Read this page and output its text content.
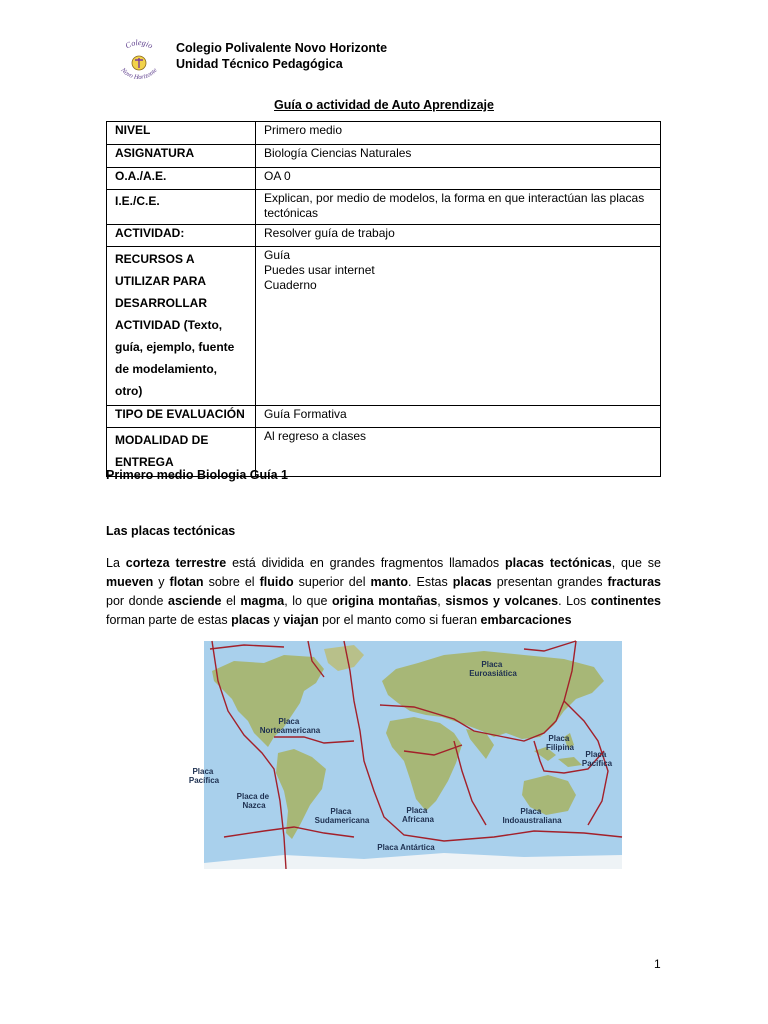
Colegio
Novo Horizonte
Colegio Polivalente Novo Horizonte
Unidad Técnico Pedagógica
Guía o actividad de Auto Aprendizaje
NIVEL	Primero medio

ASIGNATURA	Biología Ciencias Naturales

O.A./A.E.	OA 0

I.E./C.E.	Explican, por medio de modelos, la forma en que interactúan las placas tectónicas

ACTIVIDAD:	Resolver guía de trabajo

RECURSOS A UTILIZAR PARA DESARROLLAR ACTIVIDAD (Texto, guía, ejemplo, fuente de modelamiento, otro)	Guía
Puedes usar internet
Cuaderno

TIPO DE EVALUACIÓN	Guía Formativa

MODALIDAD DE ENTREGA	Al regreso a clases
Primero medio Biologia Guía 1
Las placas tectónicas
La corteza terrestre está dividida en grandes fragmentos llamados placas tectónicas, que se mueven y flotan sobre el fluido superior del manto. Estas placas presentan grandes fracturas por donde asciende el magma, lo que origina montañas, sismos y volcanes. Los continentes forman parte de estas placas y viajan por el manto como si fueran embarcaciones
Placa Euroasiática
Placa Norteamericana
Placa Filipina
Placa Pacifica
Placa Pacífica
Placa de Nazca
Placa Sudamericana
Placa Africana
Placa Indoaustraliana
Placa Antártica
1
